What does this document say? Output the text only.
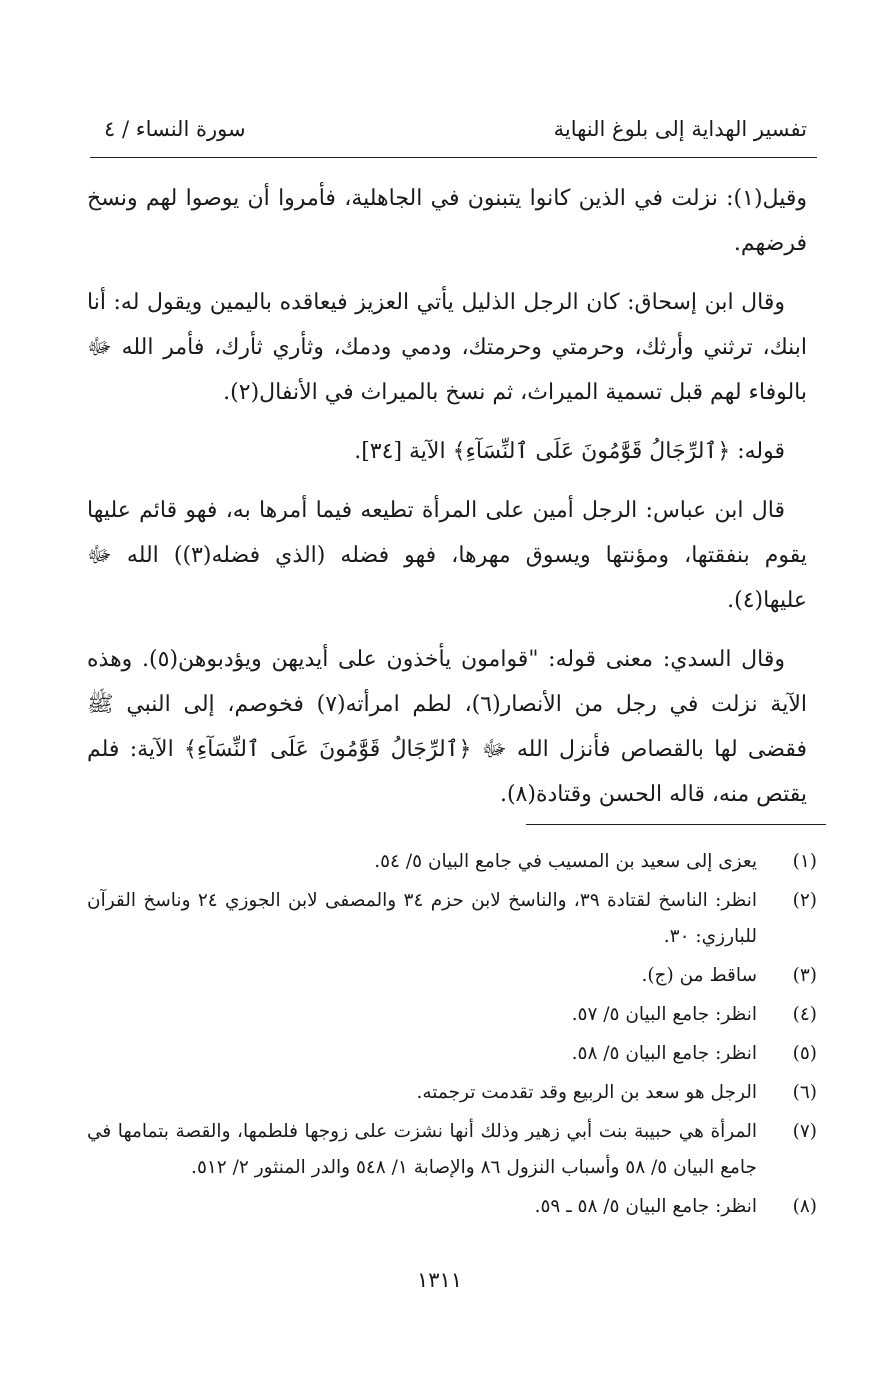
تفسير الهداية إلى بلوغ النهاية
سورة النساء / ٤

وقيل(١): نزلت في الذين كانوا يتبنون في الجاهلية، فأمروا أن يوصوا لهم ونسخ فرضهم.

وقال ابن إسحاق: كان الرجل الذليل يأتي العزيز فيعاقده باليمين ويقول له: أنا ابنك، ترثني وأرثك، وحرمتي وحرمتك، ودمي ودمك، وثأري ثأرك، فأمر الله ﷻ بالوفاء لهم قبل تسمية الميراث، ثم نسخ بالميراث في الأنفال(٢).

قوله: ﴿ٱلرِّجَالُ قَوَّٰمُونَ عَلَى ٱلنِّسَآءِ﴾ الآية [٣٤].

قال ابن عباس: الرجل أمين على المرأة تطيعه فيما أمرها به، فهو قائم عليها يقوم بنفقتها، ومؤنتها ويسوق مهرها، فهو فضله (الذي فضله(٣)) الله ﷻ عليها(٤).

وقال السدي: معنى قوله: "قوامون يأخذون على أيديهن ويؤدبوهن(٥). وهذه الآية نزلت في رجل من الأنصار(٦)، لطم امرأته(٧) فخوصم، إلى النبي ﷺ فقضى لها بالقصاص فأنزل الله ﷻ ﴿ٱلرِّجَالُ قَوَّٰمُونَ عَلَى ٱلنِّسَآءِ﴾ الآية: فلم يقتص منه، قاله الحسن وقتادة(٨).

(١)
يعزى إلى سعيد بن المسيب في جامع البيان ٥/ ٥٤.
(٢)
انظر: الناسخ لقتادة ٣٩، والناسخ لابن حزم ٣٤ والمصفى لابن الجوزي ٢٤ وناسخ القرآن للبارزي: ٣٠.
(٣)
ساقط من (ج).
(٤)
انظر: جامع البيان ٥/ ٥٧.
(٥)
انظر: جامع البيان ٥/ ٥٨.
(٦)
الرجل هو سعد بن الربيع وقد تقدمت ترجمته.
(٧)
المرأة هي حبيبة بنت أبي زهير وذلك أنها نشزت على زوجها فلطمها، والقصة بتمامها في جامع البيان ٥/ ٥٨ وأسباب النزول ٨٦ والإصابة ١/ ٥٤٨ والدر المنثور ٢/ ٥١٢.
(٨)
انظر: جامع البيان ٥/ ٥٨ ـ ٥٩.
١٣١١
